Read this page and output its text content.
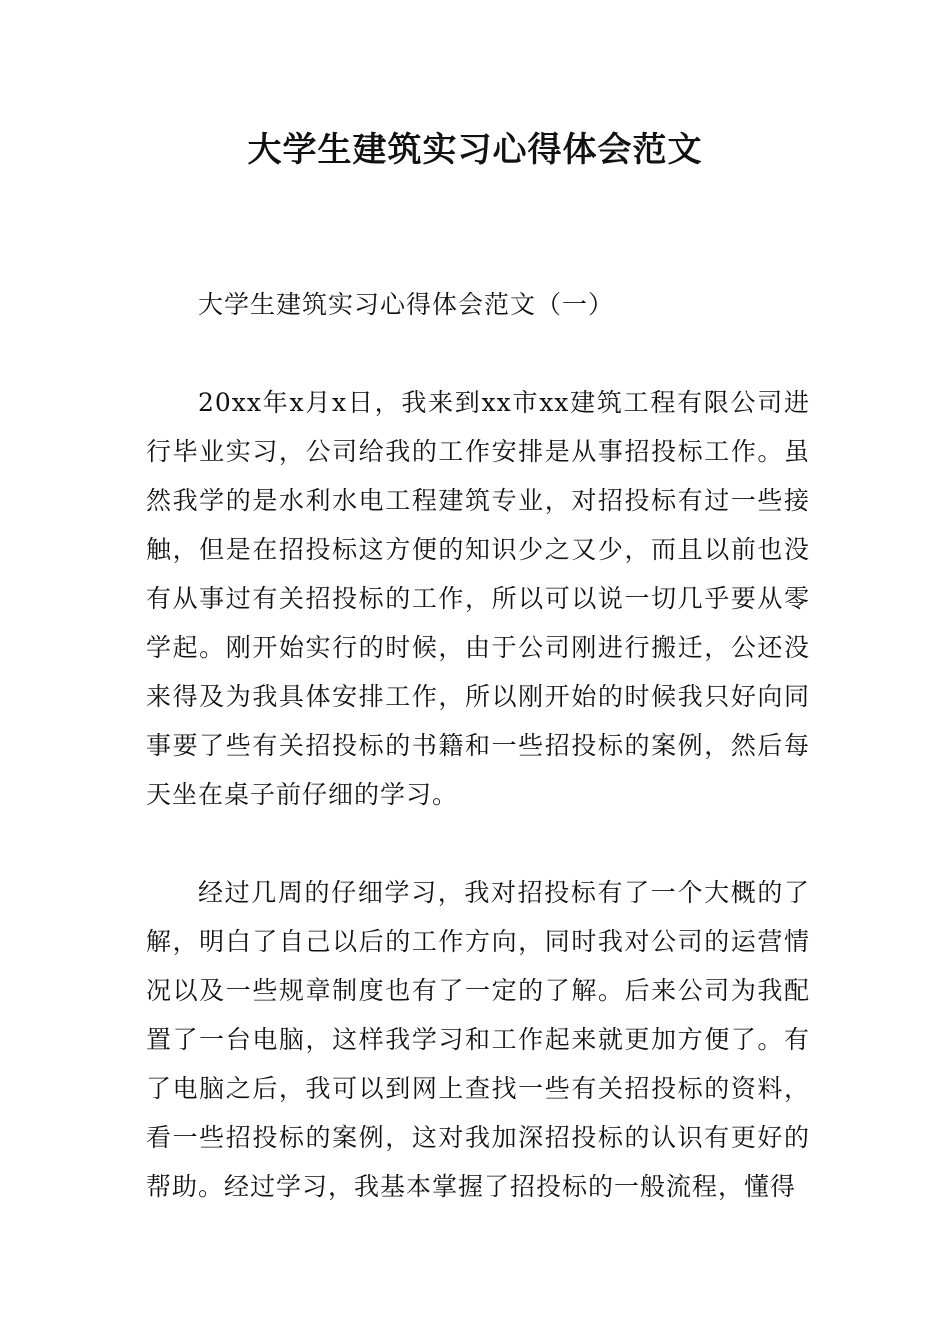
大学生建筑实习心得体会范文

大学生建筑实习心得体会范文（一）

20xx年x月x日，我来到xx市xx建筑工程有限公司进行毕业实习，公司给我的工作安排是从事招投标工作。虽然我学的是水利水电工程建筑专业，对招投标有过一些接触，但是在招投标这方便的知识少之又少，而且以前也没有从事过有关招投标的工作，所以可以说一切几乎要从零学起。刚开始实行的时候，由于公司刚进行搬迁，公还没来得及为我具体安排工作，所以刚开始的时候我只好向同事要了些有关招投标的书籍和一些招投标的案例，然后每天坐在桌子前仔细的学习。

经过几周的仔细学习，我对招投标有了一个大概的了解，明白了自己以后的工作方向，同时我对公司的运营情况以及一些规章制度也有了一定的了解。后来公司为我配置了一台电脑，这样我学习和工作起来就更加方便了。有了电脑之后，我可以到网上查找一些有关招投标的资料，看一些招投标的案例，这对我加深招投标的认识有更好的帮助。经过学习，我基本掌握了招投标的一般流程，懂得
